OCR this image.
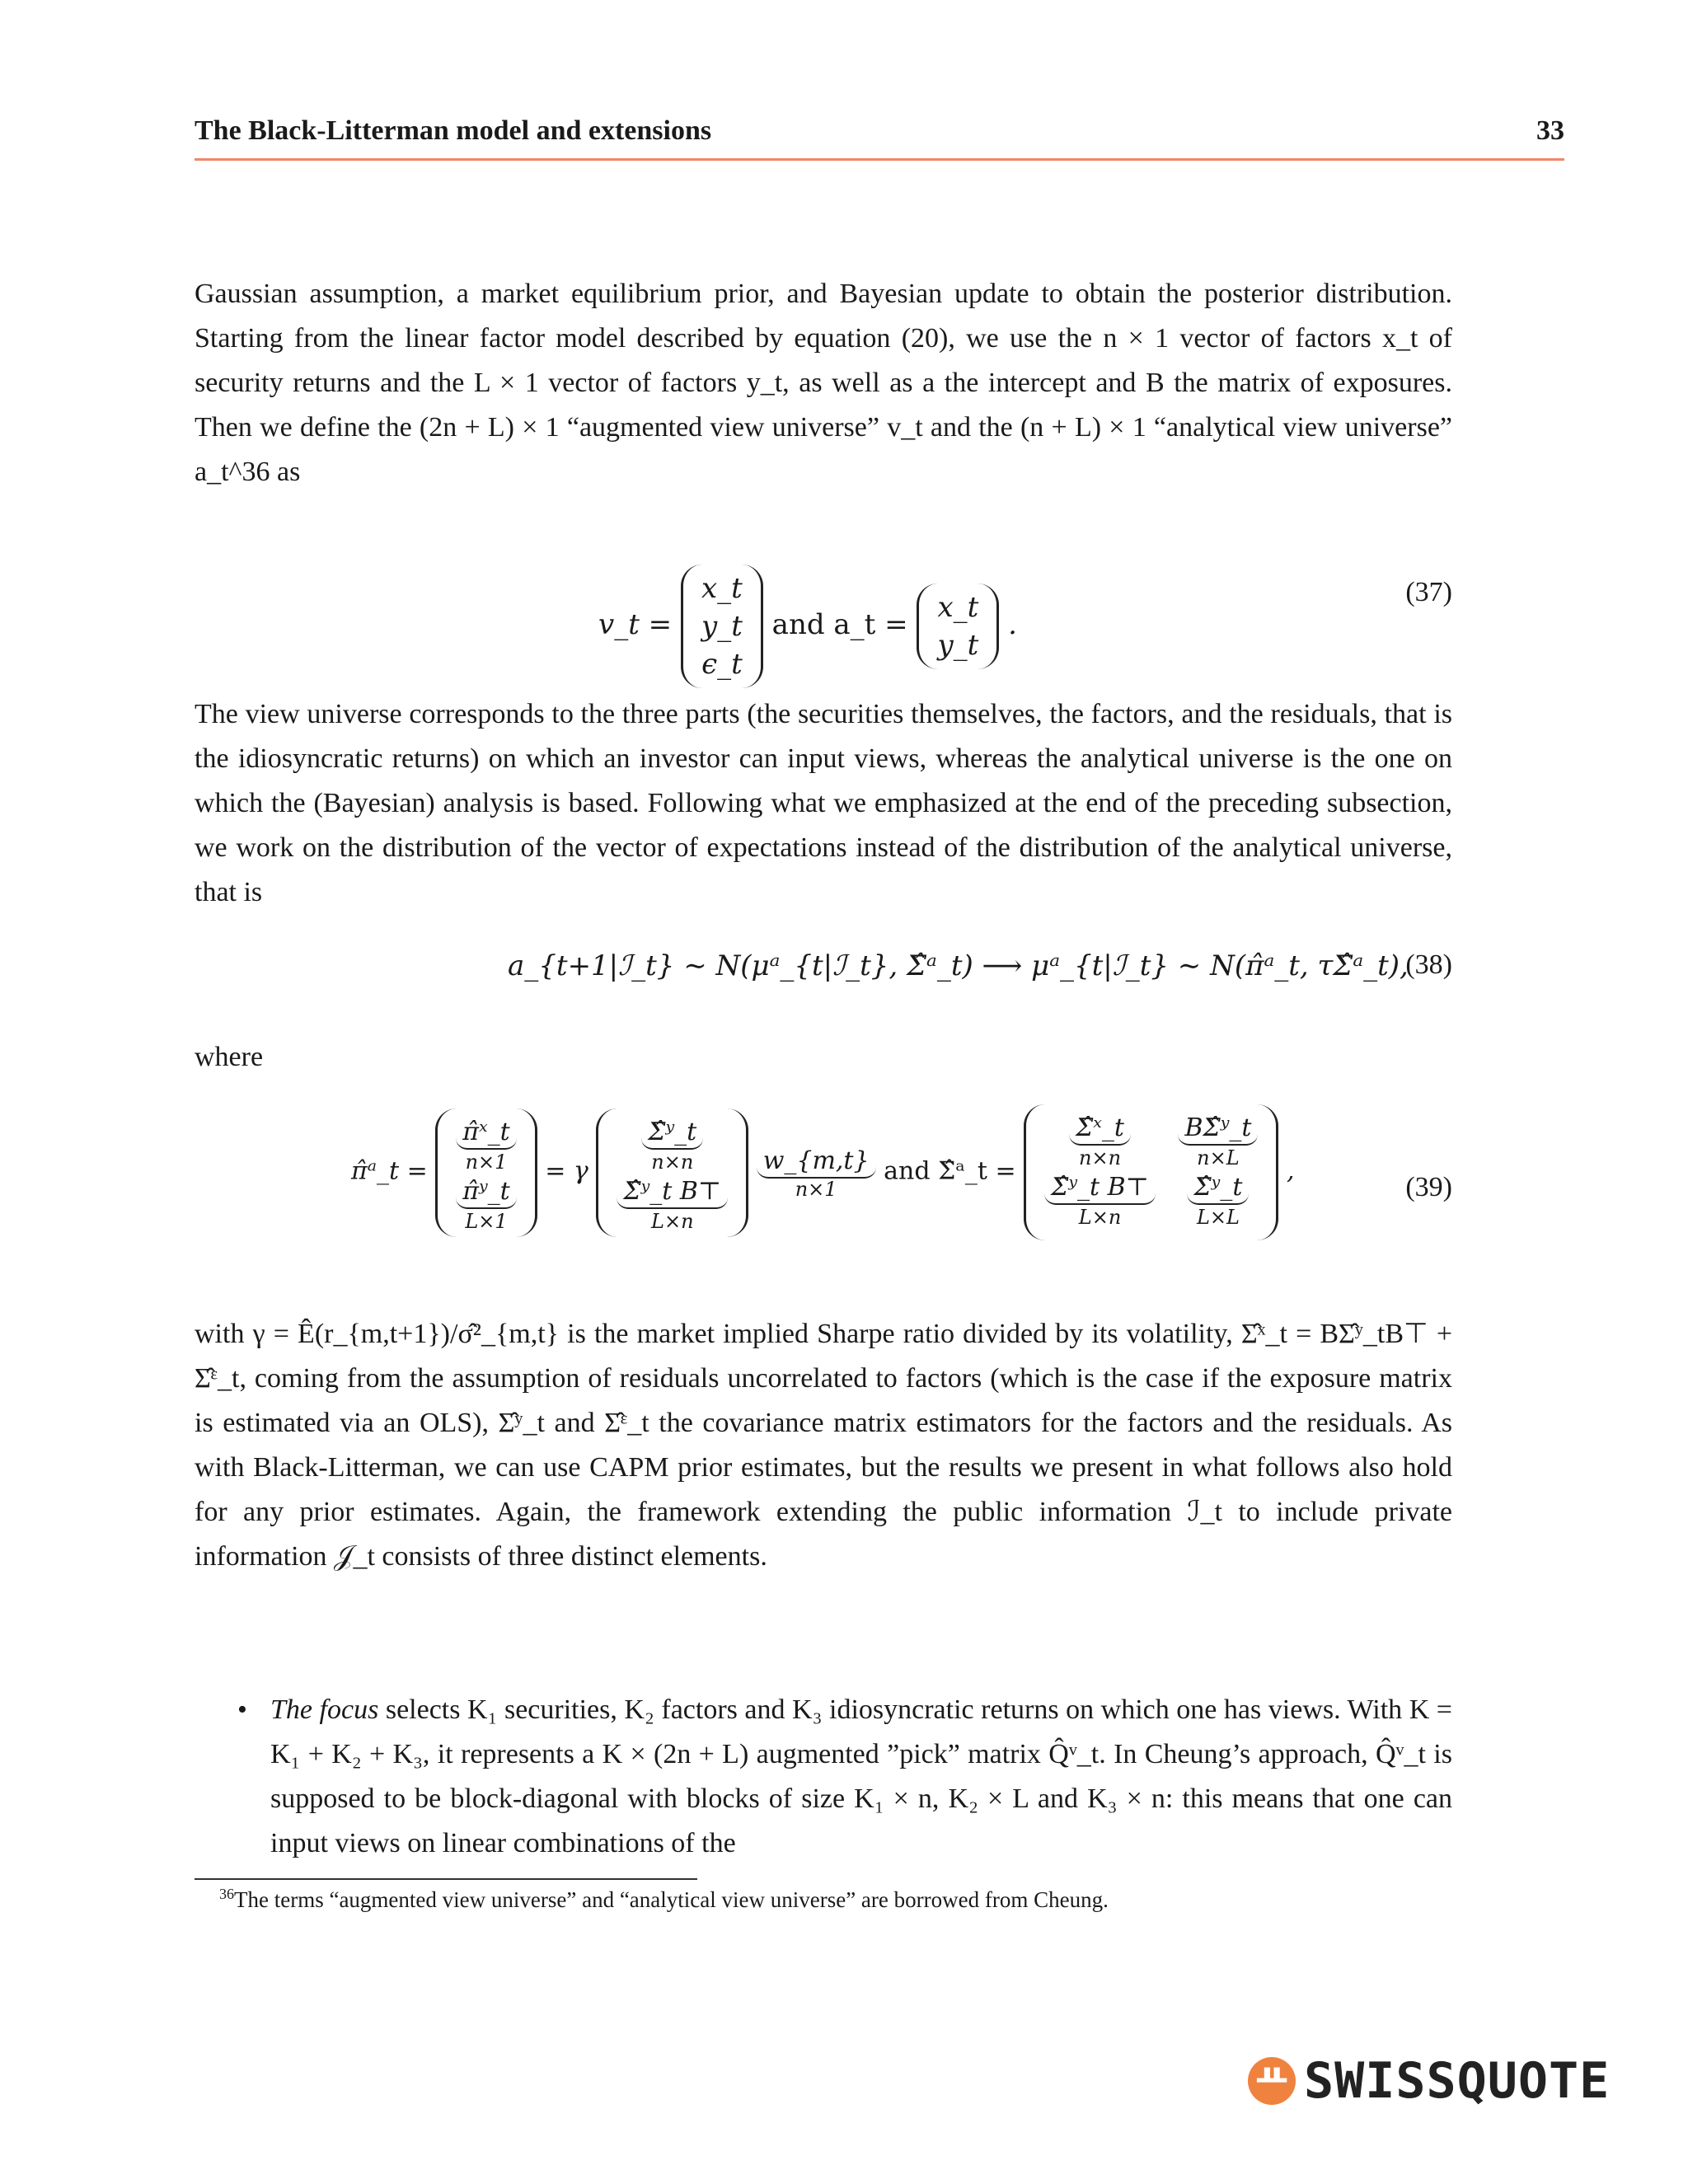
The Black-Litterman model and extensions	33

Gaussian assumption, a market equilibrium prior, and Bayesian update to obtain the posterior distribution. Starting from the linear factor model described by equation (20), we use the n × 1 vector of factors x_t of security returns and the L × 1 vector of factors y_t, as well as a the intercept and B the matrix of exposures. Then we define the (2n + L) × 1 “augmented view universe” v_t and the (n + L) × 1 “analytical view universe” a_t^36 as

v_t =
x_t
y_t
ϵ_t
and a_t =
x_t
y_t
.
(37)

The view universe corresponds to the three parts (the securities themselves, the factors, and the residuals, that is the idiosyncratic returns) on which an investor can input views, whereas the analytical universe is the one on which the (Bayesian) analysis is based. Following what we emphasized at the end of the preceding subsection, we work on the distribution of the vector of expectations instead of the distribution of the analytical universe, that is

a_{t+1|ℐ_t} ∼ N(μᵃ_{t|ℐ_t}, Σ̂ᵃ_t) ⟶ μᵃ_{t|ℐ_t} ∼ N(π̂ᵃ_t, τΣ̂ᵃ_t),
(38)

where

π̂ᵃ_t = π̂ˣ_t
n×1
π̂ʸ_t
L×1
= γ Σ̂ʸ_t
n×n
Σ̂ʸ_t B⊤
L×n
w_{m,t}
n×1
and Σ̂ᵃ_t = Σ̂ˣ_t
n×n
Σ̂ʸ_t B⊤
L×n
BΣ̂ʸ_t
n×L
Σ̂ʸ_t
L×L
,
(39)

with γ = Ê(r_{m,t+1})/σ̂²_{m,t} is the market implied Sharpe ratio divided by its volatility, Σ̂ˣ_t = BΣ̂ʸ_tB⊤ + Σ̂ᵋ_t, coming from the assumption of residuals uncorrelated to factors (which is the case if the exposure matrix is estimated via an OLS), Σ̂ʸ_t and Σ̂ᵋ_t the covariance matrix estimators for the factors and the residuals. As with Black-Litterman, we can use CAPM prior estimates, but the results we present in what follows also hold for any prior estimates. Again, the framework extending the public information ℐ_t to include private information 𝒥_t consists of three distinct elements.

• The focus selects K₁ securities, K₂ factors and K₃ idiosyncratic returns on which one has views. With K = K₁ + K₂ + K₃, it represents a K × (2n + L) augmented ”pick” matrix Q̂ᵛ_t. In Cheung’s approach, Q̂ᵛ_t is supposed to be block-diagonal with blocks of size K₁ × n, K₂ × L and K₃ × n: this means that one can input views on linear combinations of the
$^{36}$The terms “augmented view universe” and “analytical view universe” are borrowed from Cheung.
ᚇ SWISSQUOTE
